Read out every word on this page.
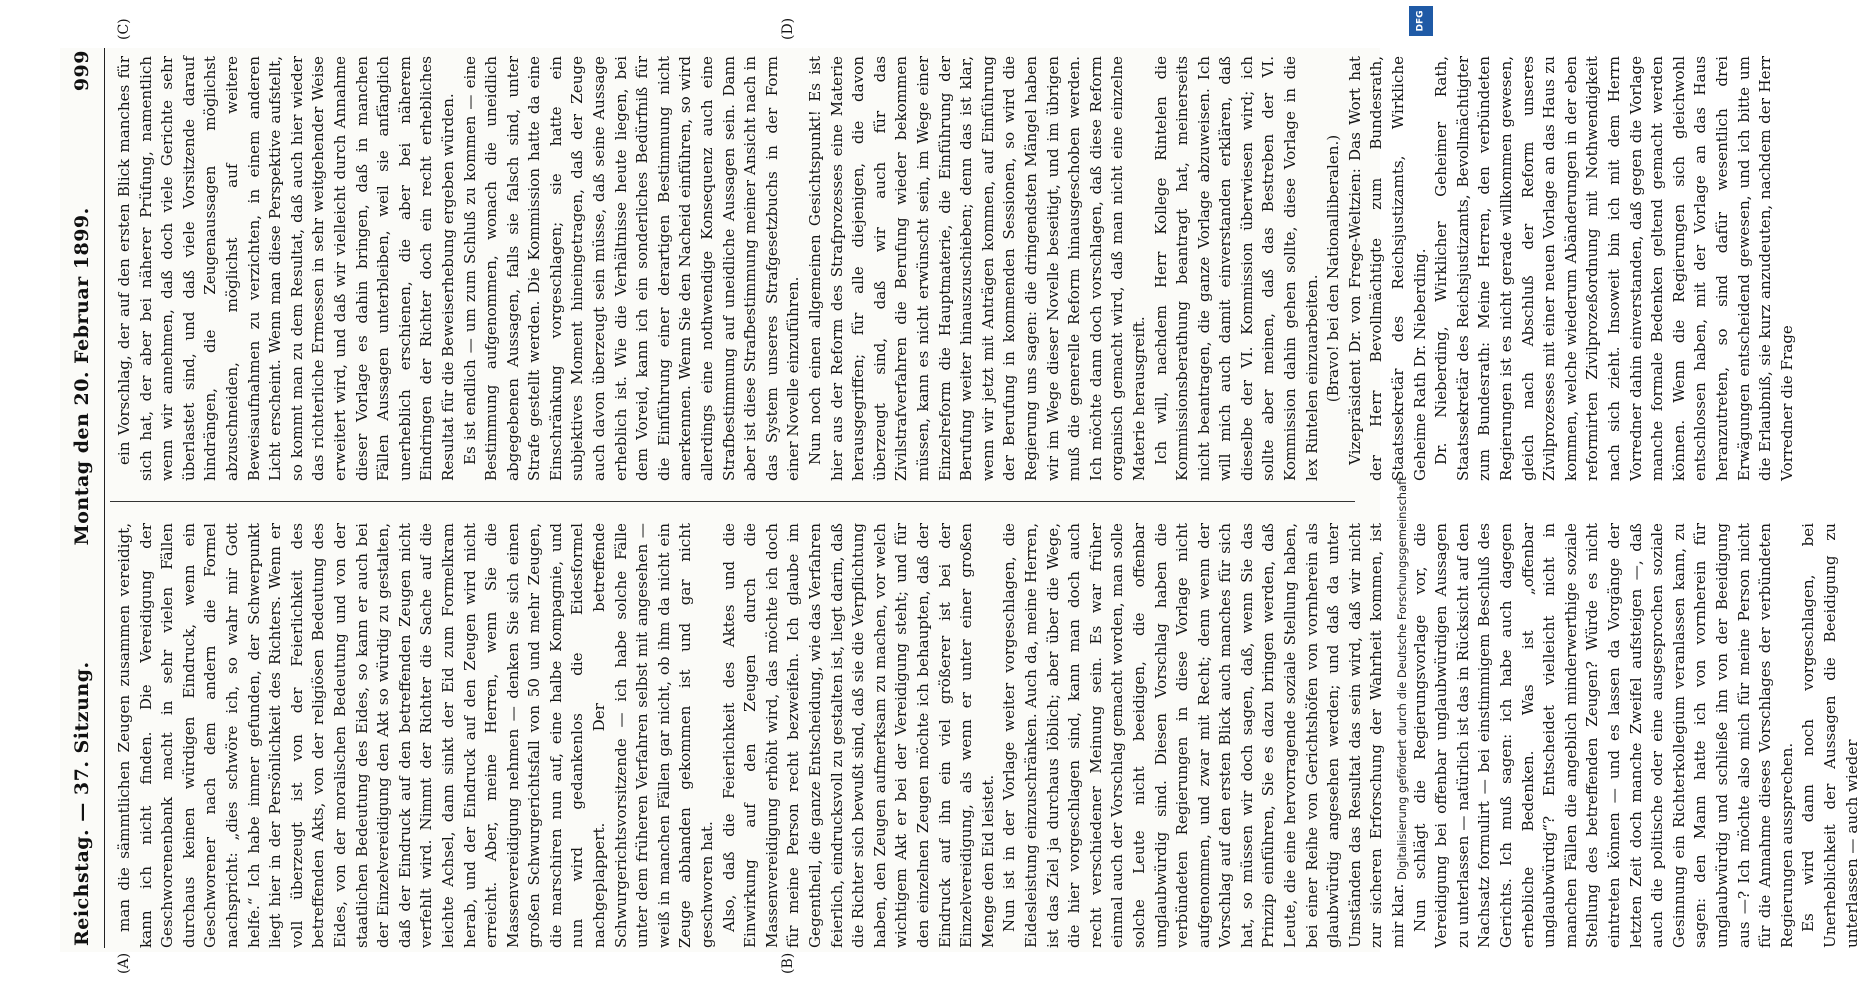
Reichstag. — 37. Sitzung.
Montag den 20. Februar 1899.
999
(A)	(B)
(C)	(D)

man die sämmtlichen Zeugen zusammen vereidigt, kann ich nicht finden. Die Vereidigung der Geschworenenbank macht in sehr vielen Fällen durchaus keinen würdigen Eindruck, wenn ein Geschworener nach dem andern die Formel nachspricht: „dies schwöre ich, so wahr mir Gott helfe.“ Ich habe immer gefunden, der Schwerpunkt liegt hier in der Persönlichkeit des Richters. Wenn er voll überzeugt ist von der Feierlichkeit des betreffenden Akts, von der religiösen Bedeutung des Eides, von der moralischen Bedeutung und von der staatlichen Bedeutung des Eides, so kann er auch bei der Einzelvereidigung den Akt so würdig zu gestalten, daß der Eindruck auf den betreffenden Zeugen nicht verfehlt wird. Nimmt der Richter die Sache auf die leichte Achsel, dann sinkt der Eid zum Formelkram herab, und der Eindruck auf den Zeugen wird nicht erreicht. Aber, meine Herren, wenn Sie die Massenvereidigung nehmen — denken Sie sich einen großen Schwurgerichtsfall von 50 und mehr Zeugen, die marschiren nun auf, eine halbe Kompagnie, und nun wird gedankenlos die Eidesformel nachgeplappert. Der betreffende Schwurgerichtsvorsitzende — ich habe solche Fälle unter dem früheren Verfahren selbst mit angesehen — weiß in manchen Fällen gar nicht, ob ihm da nicht ein Zeuge abhanden gekommen ist und gar nicht geschworen hat. Also, daß die Feierlichkeit des Aktes und die Einwirkung auf den Zeugen durch die Massenvereidigung erhöht wird, das möchte ich doch für meine Person recht bezweifeln. Ich glaube im Gegentheil, die ganze Entscheidung, wie das Verfahren feierlich, eindrucksvoll zu gestalten ist, liegt darin, daß die Richter sich bewußt sind, daß sie die Verpflichtung haben, den Zeugen aufmerksam zu machen, vor welch wichtigem Akt er bei der Vereidigung steht; und für den einzelnen Zeugen möchte ich behaupten, daß der Eindruck auf ihn ein viel größerer ist bei der Einzelvereidigung, als wenn er unter einer großen Menge den Eid leistet. Nun ist in der Vorlage weiter vorgeschlagen, die Eidesleistung einzuschränken. Auch da, meine Herren, ist das Ziel ja durchaus löblich; aber über die Wege, die hier vorgeschlagen sind, kann man doch auch recht verschiedener Meinung sein. Es war früher einmal auch der Vorschlag gemacht worden, man solle solche Leute nicht beeidigen, die offenbar unglaubwürdig sind. Diesen Vorschlag haben die verbündeten Regierungen in diese Vorlage nicht aufgenommen, und zwar mit Recht; denn wenn der Vorschlag auf den ersten Blick auch manches für sich hat, so müssen wir doch sagen, daß, wenn Sie das Prinzip einführen, Sie es dazu bringen werden, daß Leute, die eine hervorragende soziale Stellung haben, bei einer Reihe von Gerichtshöfen von vornherein als glaubwürdig angesehen werden; und daß da unter Umständen das Resultat das sein wird, daß wir nicht zur sicheren Erforschung der Wahrheit kommen, ist mir klar. Nun schlägt die Regierungsvorlage vor, die Vereidigung bei offenbar unglaubwürdigen Aussagen zu unterlassen — natürlich ist das in Rücksicht auf den Nachsatz formulirt — bei einstimmigem Beschluß des Gerichts. Ich muß sagen: ich habe auch dagegen erhebliche Bedenken. Was ist „offenbar unglaubwürdig“? Entscheidet vielleicht nicht in manchen Fällen die angeblich minderwerthige soziale Stellung des betreffenden Zeugen? Würde es nicht eintreten können — und es lassen da Vorgänge der letzten Zeit doch manche Zweifel aufsteigen —, daß auch die politische oder eine ausgesprochen soziale Gesinnung ein Richterkollegium veranlassen kann, zu sagen: den Mann hatte ich von vornherein für unglaubwürdig und schließe ihn von der Beeidigung aus —? Ich möchte also mich für meine Person nicht für die Annahme dieses Vorschlages der verbündeten Regierungen aussprechen. Es wird dann noch vorgeschlagen, bei Unerheblichkeit der Aussagen die Beeidigung zu unterlassen — auch wieder

ein Vorschlag, der auf den ersten Blick manches für sich hat, der aber bei näherer Prüfung, namentlich wenn wir annehmen, daß doch viele Gerichte sehr überlastet sind, und daß viele Vorsitzende darauf hindrängen, die Zeugenaussagen möglichst abzuschneiden, möglichst auf weitere Beweisaufnahmen zu verzichten, in einem anderen Licht erscheint. Wenn man diese Perspektive aufstellt, so kommt man zu dem Resultat, daß auch hier wieder das richterliche Ermessen in sehr weitgehender Weise erweitert wird, und daß wir vielleicht durch Annahme dieser Vorlage es dahin bringen, daß in manchen Fällen Aussagen unterbleiben, weil sie anfänglich unerheblich erschienen, die aber bei näherem Eindringen der Richter doch ein recht erhebliches Resultat für die Beweiserhebung ergeben würden. Es ist endlich — um zum Schluß zu kommen — eine Bestimmung aufgenommen, wonach die uneidlich abgegebenen Aussagen, falls sie falsch sind, unter Strafe gestellt werden. Die Kommission hatte da eine Einschränkung vorgeschlagen; sie hatte ein subjektives Moment hineingetragen, daß der Zeuge auch davon überzeugt sein müsse, daß seine Aussage erheblich ist. Wie die Verhältnisse heute liegen, bei dem Voreid, kann ich ein sonderliches Bedürfniß für die Einführung einer derartigen Bestimmung nicht anerkennen. Wenn Sie den Nacheid einführen, so wird allerdings eine nothwendige Konsequenz auch eine Strafbestimmung auf uneidliche Aussagen sein. Dann aber ist diese Strafbestimmung meiner Ansicht nach in das System unseres Strafgesetzbuchs in der Form einer Novelle einzuführen. Nun noch einen allgemeinen Gesichtspunkt! Es ist hier aus der Reform des Strafprozesses eine Materie herausgegriffen; für alle diejenigen, die davon überzeugt sind, daß wir auch für das Zivilstrafverfahren die Berufung wieder bekommen müssen, kann es nicht erwünscht sein, im Wege einer Einzelreform die Hauptmaterie, die Einführung der Berufung weiter hinauszuschieben; denn das ist klar, wenn wir jetzt mit Anträgen kommen, auf Einführung der Berufung in kommenden Sessionen, so wird die Regierung uns sagen: die dringendsten Mängel haben wir im Wege dieser Novelle beseitigt, und im übrigen muß die generelle Reform hinausgeschoben werden. Ich möchte dann doch vorschlagen, daß diese Reform organisch gemacht wird, daß man nicht eine einzelne Materie herausgreift. Ich will, nachdem Herr Kollege Rintelen die Kommissionsberathung beantragt hat, meinerseits nicht beantragen, die ganze Vorlage abzuweisen. Ich will mich auch damit einverstanden erklären, daß dieselbe der VI. Kommission überwiesen wird; ich sollte aber meinen, daß das Bestreben der VI. Kommission dahin gehen sollte, diese Vorlage in die lex Rintelen einzuarbeiten. (Bravo! bei den Nationalliberalen.) Vizepräsident Dr. von Frege-Weltzien: Das Wort hat der Herr Bevollmächtigte zum Bundesrath, Staatssekretär des Reichsjustizamts, Wirkliche Geheime Rath Dr. Nieberding. Dr. Nieberding, Wirklicher Geheimer Rath, Staatssekretär des Reichsjustizamts, Bevollmächtigter zum Bundesrath: Meine Herren, den verbündeten Regierungen ist es nicht gerade willkommen gewesen, gleich nach Abschluß der Reform unseres Zivilprozesses mit einer neuen Vorlage an das Haus zu kommen, welche wiederum Abänderungen in der eben reformirten Zivilprozeßordnung mit Nothwendigkeit nach sich zieht. Insoweit bin ich mit dem Herrn Vorredner dahin einverstanden, daß gegen die Vorlage manche formale Bedenken geltend gemacht werden können. Wenn die Regierungen sich gleichwohl entschlossen haben, mit der Vorlage an das Haus heranzutreten, so sind dafür wesentlich drei Erwägungen entscheidend gewesen, und ich bitte um die Erlaubniß, sie kurz anzudeuten, nachdem der Herr Vorredner die Frage

Digitalisierung gefördert durch die Deutsche Forschungsgemeinschaft
DFG
